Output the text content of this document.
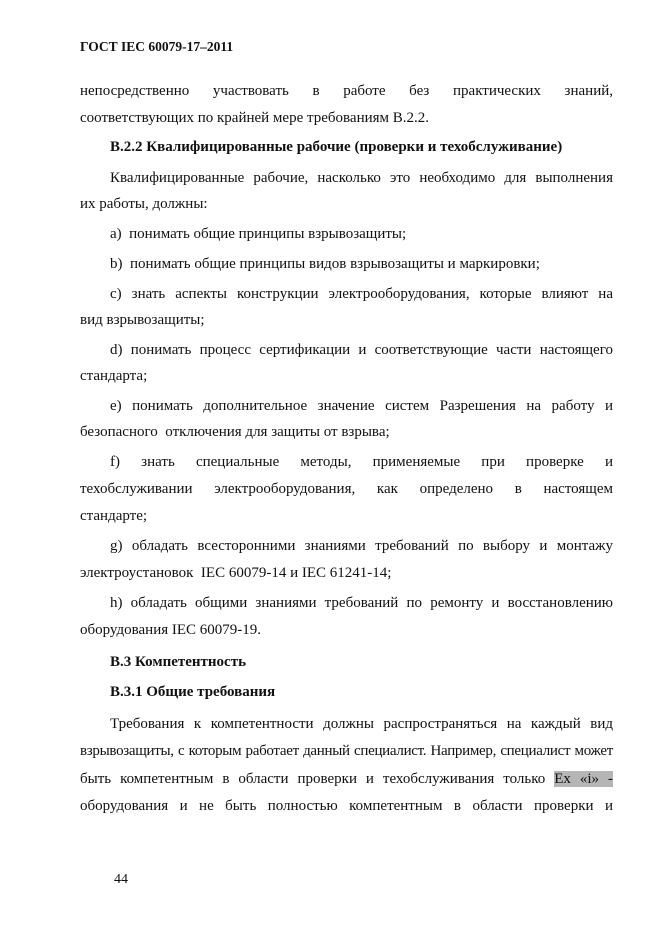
ГОСТ IEC 60079-17–2011
непосредственно участвовать в работе без практических знаний,
соответствующих по крайней мере требованиям В.2.2.
В.2.2 Квалифицированные рабочие (проверки и техобслуживание)
Квалифицированные рабочие, насколько это необходимо для выполнения
их работы, должны:
а)  понимать общие принципы взрывозащиты;
b)  понимать общие принципы видов взрывозащиты и маркировки;
c) знать аспекты конструкции электрооборудования, которые влияют на
вид взрывозащиты;
d) понимать процесс сертификации и соответствующие части настоящего
стандарта;
e) понимать дополнительное значение систем Разрешения на работу и
безопасного  отключения для защиты от взрыва;
f) знать специальные методы, применяемые при проверке и
техобслуживании электрооборудования, как определено в настоящем
стандарте;
g) обладать всесторонними знаниями требований по выбору и монтажу
электроустановок  IEC 60079-14 и IEC 61241-14;
h) обладать общими знаниями требований по ремонту и восстановлению
оборудования IEC 60079-19.
В.3 Компетентность
В.3.1 Общие требования
Требования к компетентности должны распространяться на каждый вид
взрывозащиты, с которым работает данный специалист. Например, специалист может
быть компетентным в области проверки и техобслуживания только Ex «i» -
оборудования и не быть полностью компетентным в области проверки и
44
